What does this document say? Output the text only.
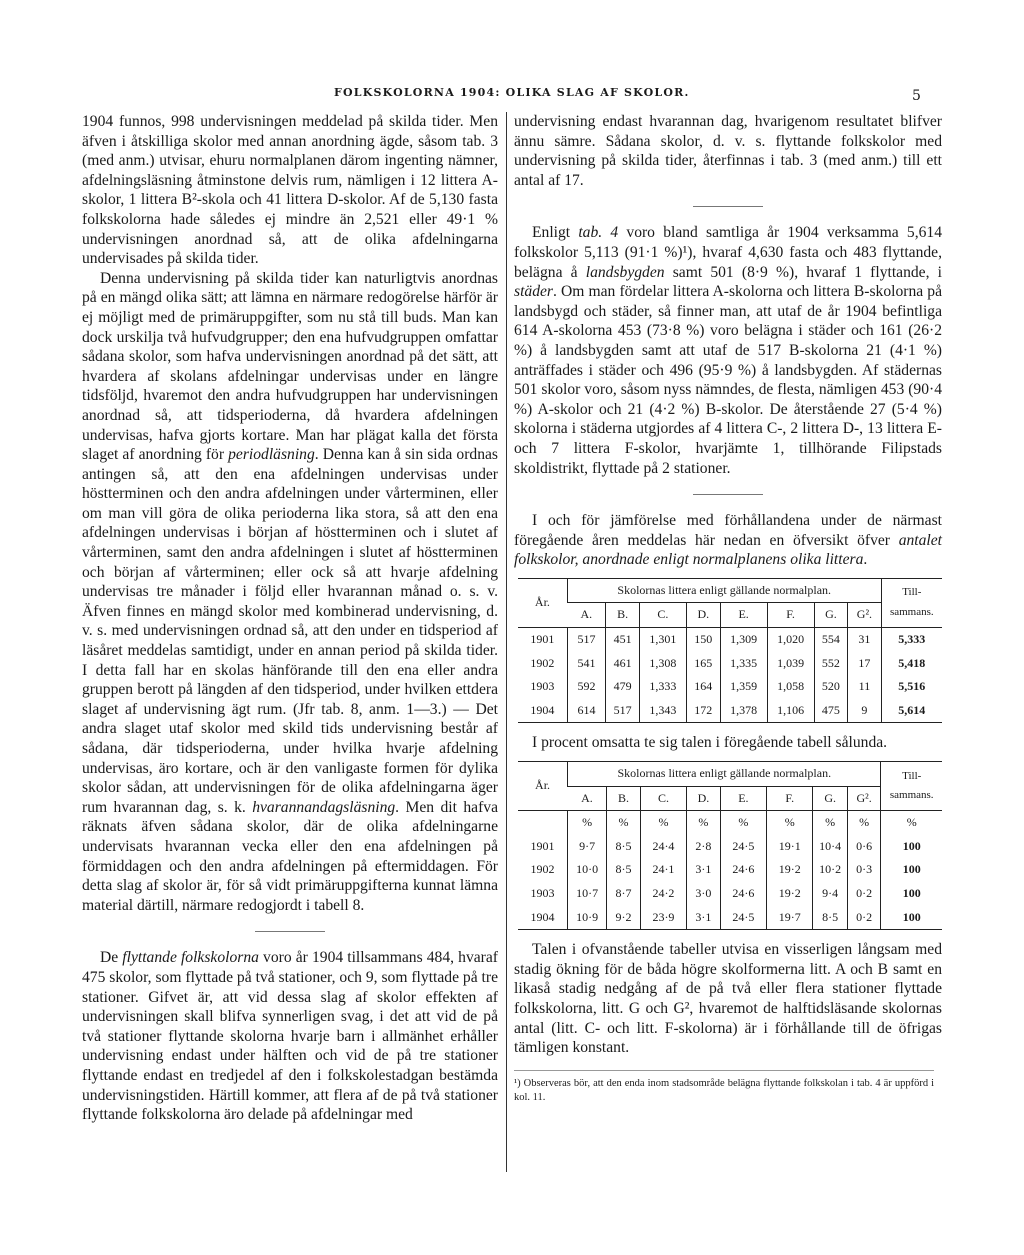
FOLKSKOLORNA 1904: OLIKA SLAG AF SKOLOR.	5

1904 funnos, 998 undervisningen meddelad på skilda tider. Men äfven i åtskilliga skolor med annan anordning ägde, såsom tab. 3 (med anm.) utvisar, ehuru normalplanen därom ingenting nämner, afdelningsläsning åtminstone delvis rum, nämligen i 12 littera A-skolor, 1 littera B²-skola och 41 littera D-skolor. Af de 5,130 fasta folkskolorna hade således ej mindre än 2,521 eller 49·1 % undervisningen anordnad så, att de olika afdelningarna undervisades på skilda tider.

Denna undervisning på skilda tider kan naturligtvis anordnas på en mängd olika sätt; att lämna en närmare redogörelse härför är ej möjligt med de primäruppgifter, som nu stå till buds. Man kan dock urskilja två hufvudgrupper; den ena hufvudgruppen omfattar sådana skolor, som hafva undervisningen anordnad på det sätt, att hvardera af skolans afdelningar undervisas under en längre tidsföljd, hvaremot den andra hufvudgruppen har undervisningen anordnad så, att tidsperioderna, då hvardera afdelningen undervisas, hafva gjorts kortare. Man har plägat kalla det första slaget af anordning för periodläsning. Denna kan å sin sida ordnas antingen så, att den ena afdelningen undervisas under höstterminen och den andra afdelningen under vårterminen, eller om man vill göra de olika perioderna lika stora, så att den ena afdelningen undervisas i början af höstterminen och i slutet af vårterminen, samt den andra afdelningen i slutet af höstterminen och början af vårterminen; eller ock så att hvarje afdelning undervisas tre månader i följd eller hvarannan månad o. s. v. Äfven finnes en mängd skolor med kombinerad undervisning, d. v. s. med undervisningen ordnad så, att den under en tidsperiod af läsåret meddelas samtidigt, under en annan period på skilda tider. I detta fall har en skolas hänförande till den ena eller andra gruppen berott på längden af den tidsperiod, under hvilken ettdera slaget af undervisning ägt rum. (Jfr tab. 8, anm. 1—3.) — Det andra slaget utaf skolor med skild tids undervisning består af sådana, där tidsperioderna, under hvilka hvarje afdelning undervisas, äro kortare, och är den vanligaste formen för dylika skolor sådan, att undervisningen för de olika afdelningarna äger rum hvarannan dag, s. k. hvarannandagsläsning. Men dit hafva räknats äfven sådana skolor, där de olika afdelningarne undervisats hvarannan vecka eller den ena afdelningen på förmiddagen och den andra afdelningen på eftermiddagen. För detta slag af skolor är, för så vidt primäruppgifterna kunnat lämna material därtill, närmare redogjordt i tabell 8.

De flyttande folkskolorna voro år 1904 tillsammans 484, hvaraf 475 skolor, som flyttade på två stationer, och 9, som flyttade på tre stationer. Gifvet är, att vid dessa slag af skolor effekten af undervisningen skall blifva synnerligen svag, i det att vid de på två stationer flyttande skolorna hvarje barn i allmänhet erhåller undervisning endast under hälften och vid de på tre stationer flyttande endast en tredjedel af den i folkskolestadgan bestämda undervisningstiden. Härtill kommer, att flera af de på två stationer flyttande folkskolorna äro delade på afdelningar med

undervisning endast hvarannan dag, hvarigenom resultatet blifver ännu sämre. Sådana skolor, d. v. s. flyttande folkskolor med undervisning på skilda tider, återfinnas i tab. 3 (med anm.) till ett antal af 17.

Enligt tab. 4 voro bland samtliga år 1904 verksamma 5,614 folkskolor 5,113 (91·1 %)¹), hvaraf 4,630 fasta och 483 flyttande, belägna å landsbygden samt 501 (8·9 %), hvaraf 1 flyttande, i städer. Om man fördelar littera A-skolorna och littera B-skolorna på landsbygd och städer, så finner man, att utaf de år 1904 befintliga 614 A-skolorna 453 (73·8 %) voro belägna i städer och 161 (26·2 %) å landsbygden samt att utaf de 517 B-skolorna 21 (4·1 %) anträffades i städer och 496 (95·9 %) å landsbygden. Af städernas 501 skolor voro, såsom nyss nämndes, de flesta, nämligen 453 (90·4 %) A-skolor och 21 (4·2 %) B-skolor. De återstående 27 (5·4 %) skolorna i städerna utgjordes af 4 littera C-, 2 littera D-, 13 littera E- och 7 littera F-skolor, hvarjämte 1, tillhörande Filipstads skoldistrikt, flyttade på 2 stationer.

I och för jämförelse med förhållandena under de närmast föregående åren meddelas här nedan en öfversikt öfver antalet folkskolor, anordnade enligt normalplanens olika littera.

År.	Skolornas littera enligt gällande normalplan.								Till-sammans.
	A.	B.	C.	D.	E.	F.	G.	G².	
1901	517	451	1,301	150	1,309	1,020	554	31	5,333
1902	541	461	1,308	165	1,335	1,039	552	17	5,418
1903	592	479	1,333	164	1,359	1,058	520	11	5,516
1904	614	517	1,343	172	1,378	1,106	475	9	5,614

I procent omsatta te sig talen i föregående tabell sålunda.

År.	Skolornas littera enligt gällande normalplan.								Till-sammans.
	A.	B.	C.	D.	E.	F.	G.	G².	
	%	%	%	%	%	%	%	%	%
1901	9·7	8·5	24·4	2·8	24·5	19·1	10·4	0·6	100
1902	10·0	8·5	24·1	3·1	24·6	19·2	10·2	0·3	100
1903	10·7	8·7	24·2	3·0	24·6	19·2	9·4	0·2	100
1904	10·9	9·2	23·9	3·1	24·5	19·7	8·5	0·2	100

Talen i ofvanstående tabeller utvisa en visserligen långsam med stadig ökning för de båda högre skolformerna litt. A och B samt en likaså stadig nedgång af de på två eller flera stationer flyttade folkskolorna, litt. G och G², hvaremot de halftidsläsande skolornas antal (litt. C- och litt. F-skolorna) är i förhållande till de öfrigas tämligen konstant.

¹) Observeras bör, att den enda inom stadsområde belägna flyttande folkskolan i tab. 4 är uppförd i kol. 11.
